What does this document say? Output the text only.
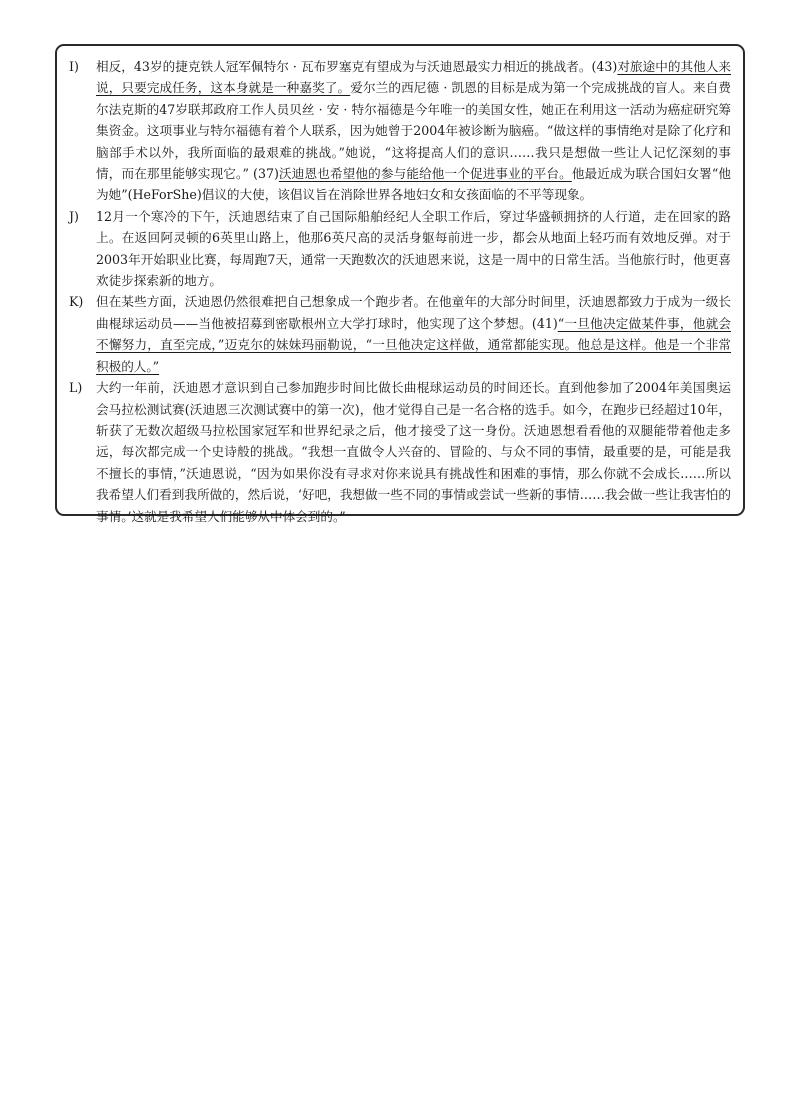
I)	相反，43岁的捷克铁人冠军佩特尔 · 瓦布罗塞克有望成为与沃迪恩最实力相近的挑战者。(43)对旅途中的其他人来说，只要完成任务，这本身就是一种嘉奖了。爱尔兰的西尼德 · 凯恩的目标是成为第一个完成挑战的盲人。来自费尔法克斯的47岁联邦政府工作人员贝丝 · 安 · 特尔福德是今年唯一的美国女性，她正在利用这一活动为癌症研究筹集资金。这项事业与特尔福德有着个人联系，因为她曾于2004年被诊断为脑癌。“做这样的事情绝对是除了化疗和脑部手术以外，我所面临的最艰难的挑战。”她说，“这将提高人们的意识……我只是想做一些让人记忆深刻的事情，而在那里能够实现它。” (37)沃迪恩也希望他的参与能给他一个促进事业的平台。他最近成为联合国妇女署“他为她”(HeForShe)倡议的大使，该倡议旨在消除世界各地妇女和女孩面临的不平等现象。

J)	12月一个寒冷的下午，沃迪恩结束了自己国际船舶经纪人全职工作后，穿过华盛顿拥挤的人行道，走在回家的路上。在返回阿灵顿的6英里山路上，他那6英尺高的灵活身躯每前进一步，都会从地面上轻巧而有效地反弹。对于2003年开始职业比赛，每周跑7天，通常一天跑数次的沃迪恩来说，这是一周中的日常生活。当他旅行时，他更喜欢徒步探索新的地方。

K)	但在某些方面，沃迪恩仍然很难把自己想象成一个跑步者。在他童年的大部分时间里，沃迪恩都致力于成为一级长曲棍球运动员——当他被招募到密歇根州立大学打球时，他实现了这个梦想。(41)“一旦他决定做某件事，他就会不懈努力，直至完成，”迈克尔的妹妹玛丽勒说，“一旦他决定这样做，通常都能实现。他总是这样。他是一个非常积极的人。”

L)	大约一年前，沃迪恩才意识到自己参加跑步时间比做长曲棍球运动员的时间还长。直到他参加了2004年美国奥运会马拉松测试赛(沃迪恩三次测试赛中的第一次)，他才觉得自己是一名合格的选手。如今，在跑步已经超过10年，斩获了无数次超级马拉松国家冠军和世界纪录之后，他才接受了这一身份。沃迪恩想看看他的双腿能带着他走多远，每次都完成一个史诗般的挑战。“我想一直做令人兴奋的、冒险的、与众不同的事情，最重要的是，可能是我不擅长的事情，”沃迪恩说，“因为如果你没有寻求对你来说具有挑战性和困难的事情，那么你就不会成长……所以我希望人们看到我所做的，然后说，‘好吧，我想做一些不同的事情或尝试一些新的事情……我会做一些让我害怕的事情。’这就是我希望人们能够从中体会到的。”
